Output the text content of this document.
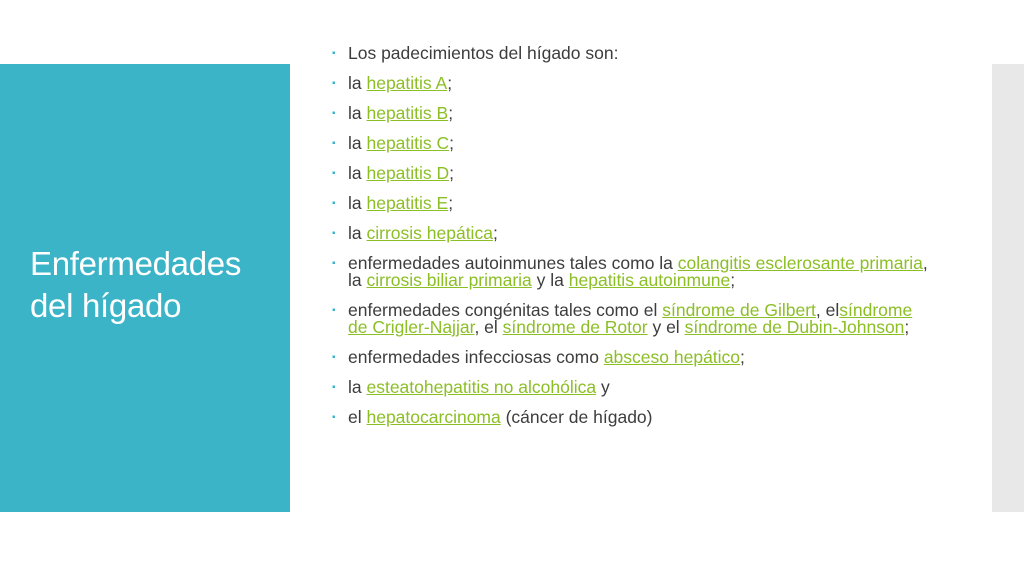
Enfermedades del hígado
▪ Los padecimientos del hígado son:
▪ la hepatitis A;
▪ la hepatitis B;
▪ la hepatitis C;
▪ la hepatitis D;
▪ la hepatitis E;
▪ la cirrosis hepática;
▪ enfermedades autoinmunes tales como la colangitis esclerosante primaria, la cirrosis biliar primaria y la hepatitis autoinmune;
▪ enfermedades congénitas tales como el síndrome de Gilbert, elsíndrome de Crigler-Najjar, el síndrome de Rotor y el síndrome de Dubin-Johnson;
▪ enfermedades infecciosas como absceso hepático;
▪ la esteatohepatitis no alcohólica y
▪ el hepatocarcinoma (cáncer de hígado)
